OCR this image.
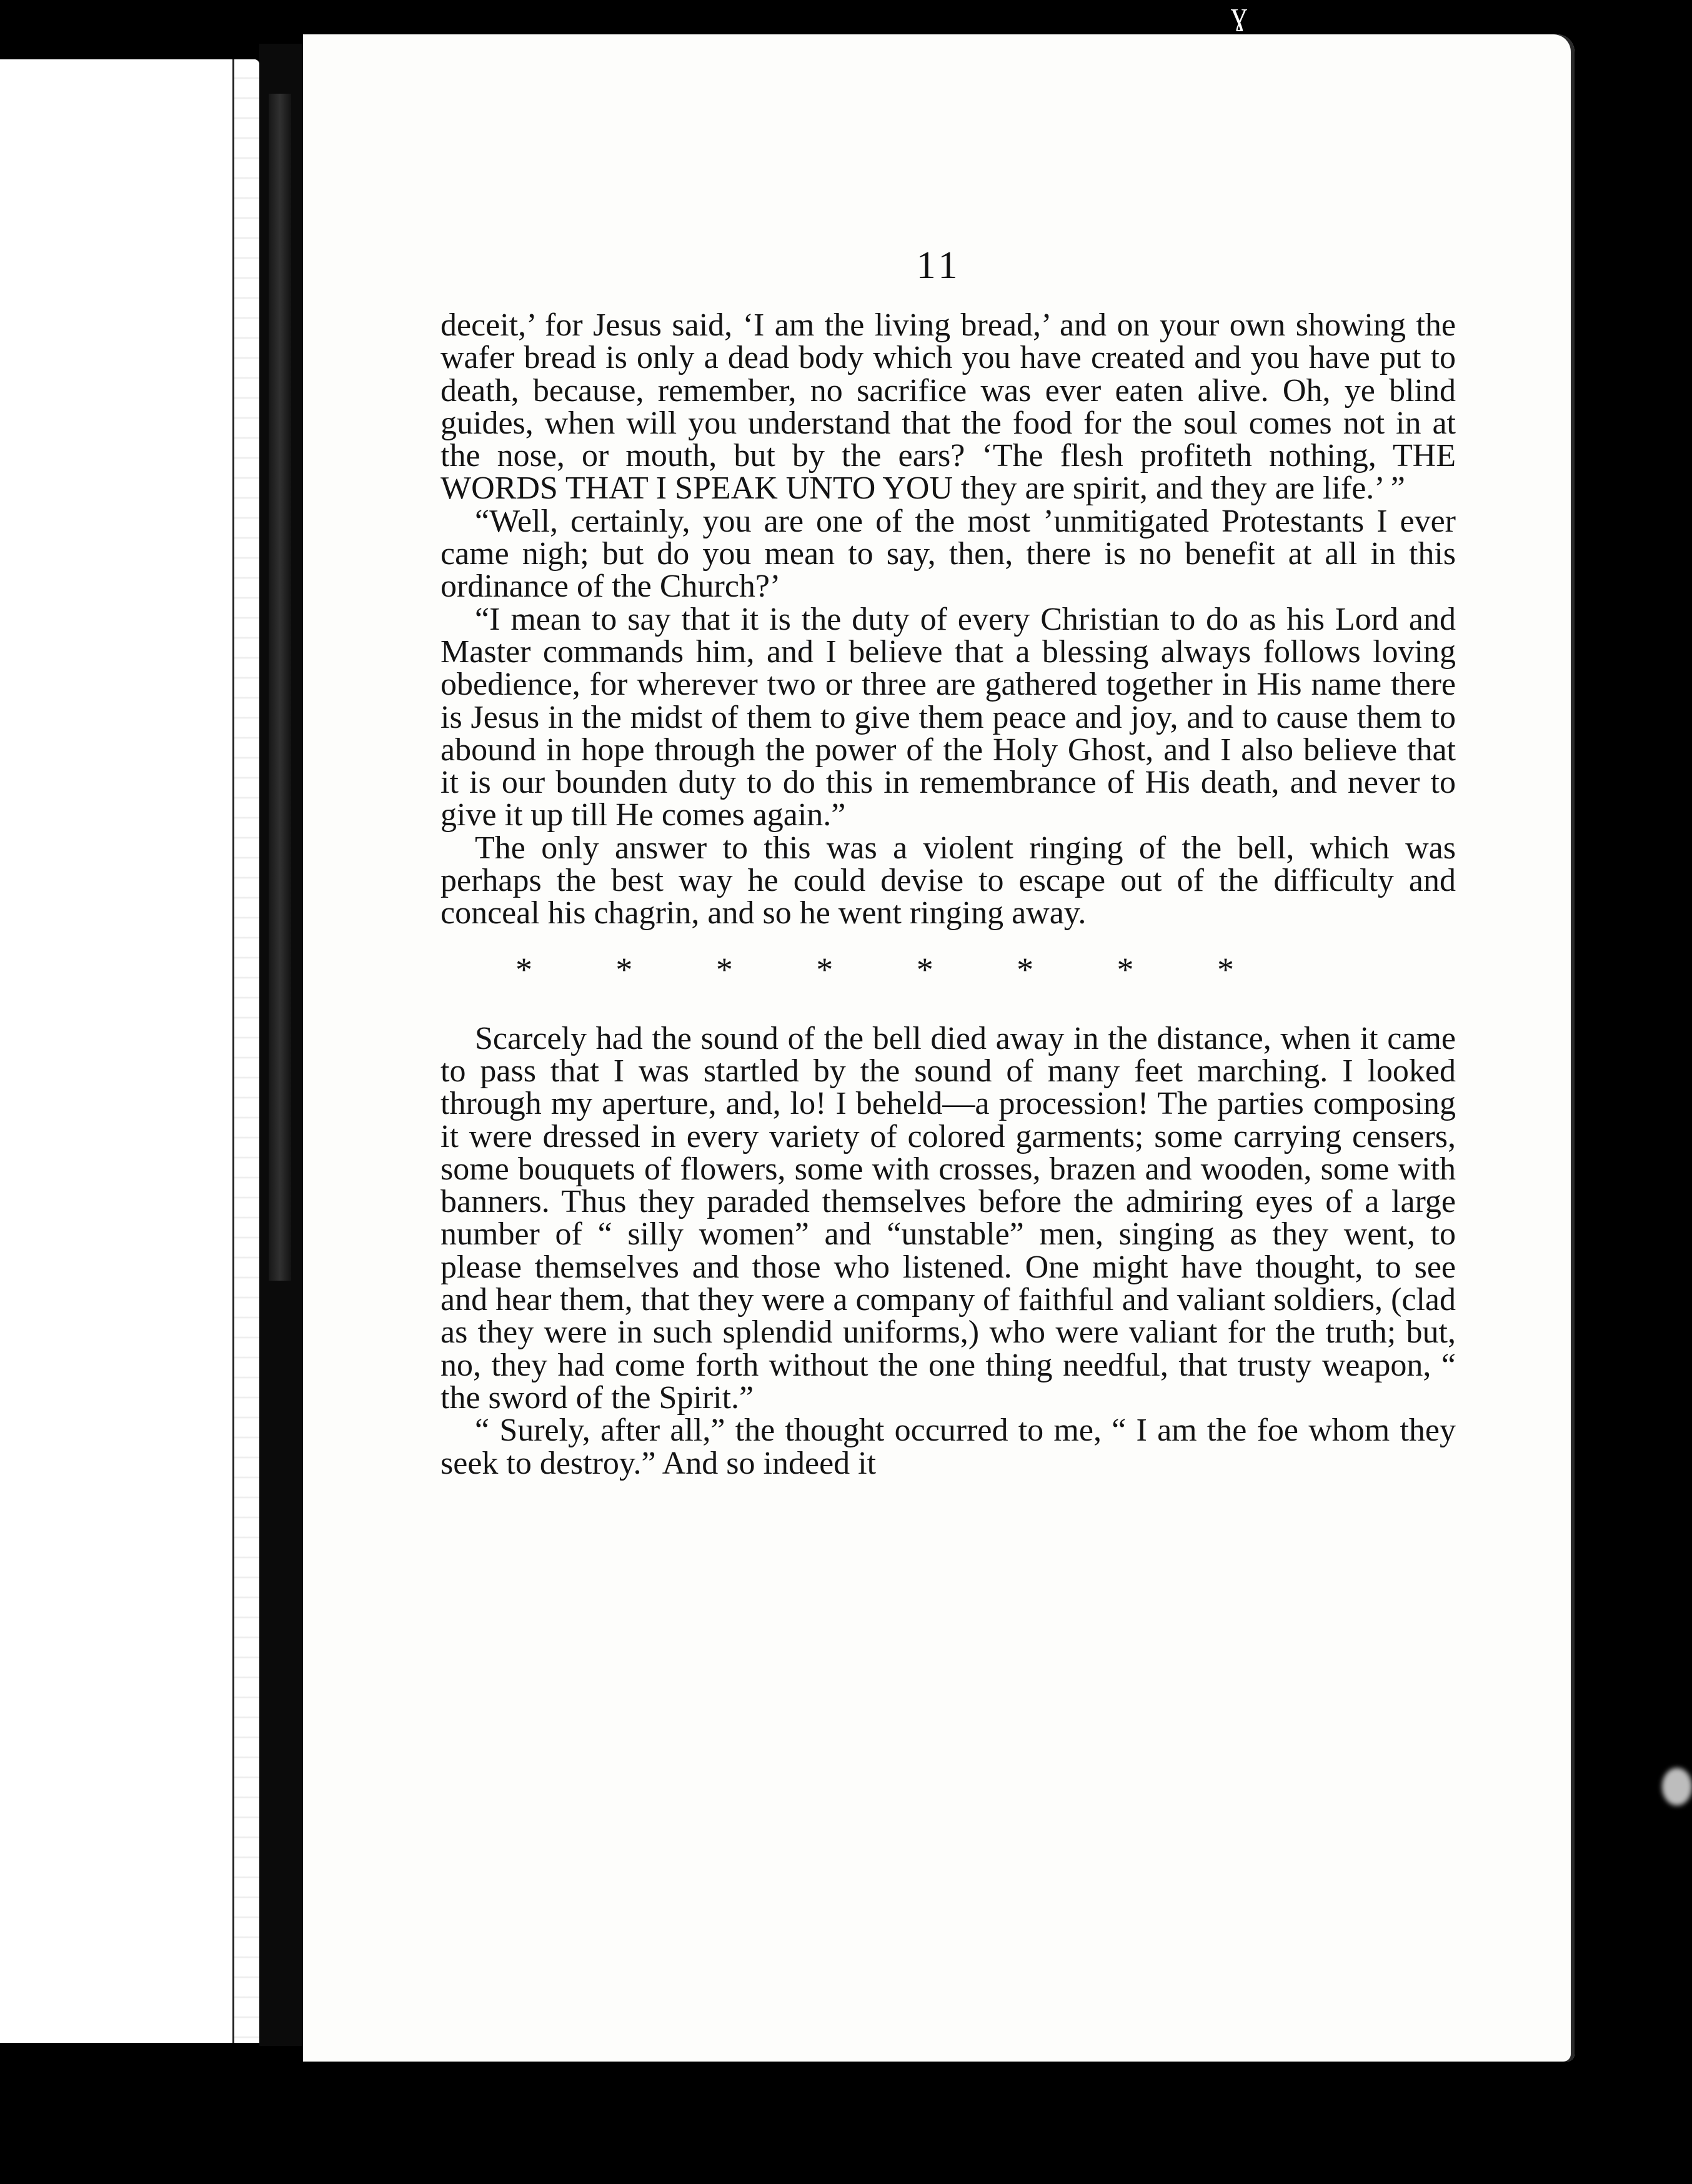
ɣ
11

deceit,’ for Jesus said, ‘I am the living bread,’ and on your own showing the wafer bread is only a dead body which you have created and you have put to death, because, remember, no sacrifice was ever eaten alive. Oh, ye blind guides, when will you understand that the food for the soul comes not in at the nose, or mouth, but by the ears? ‘The flesh profiteth nothing, THE WORDS THAT I SPEAK UNTO YOU they are spirit, and they are life.’ ”

“Well, certainly, you are one of the most ’unmitigated Protestants I ever came nigh; but do you mean to say, then, there is no benefit at all in this ordinance of the Church?’

“I mean to say that it is the duty of every Christian to do as his Lord and Master commands him, and I believe that a blessing always follows loving obedience, for wherever two or three are gathered together in His name there is Jesus in the midst of them to give them peace and joy, and to cause them to abound in hope through the power of the Holy Ghost, and I also believe that it is our bounden duty to do this in remembrance of His death, and never to give it up till He comes again.”

The only answer to this was a violent ringing of the bell, which was perhaps the best way he could devise to escape out of the difficulty and conceal his chagrin, and so he went ringing away.

* * * * * * * *

Scarcely had the sound of the bell died away in the distance, when it came to pass that I was startled by the sound of many feet marching. I looked through my aperture, and, lo! I beheld—a procession! The parties composing it were dressed in every variety of colored garments; some carrying censers, some bouquets of flowers, some with crosses, brazen and wooden, some with banners. Thus they paraded themselves before the admiring eyes of a large number of “ silly women” and “unstable” men, singing as they went, to please themselves and those who listened. One might have thought, to see and hear them, that they were a company of faithful and valiant soldiers, (clad as they were in such splendid uniforms,) who were valiant for the truth; but, no, they had come forth without the one thing needful, that trusty weapon, “ the sword of the Spirit.”

“ Surely, after all,” the thought occurred to me, “ I am the foe whom they seek to destroy.” And so indeed it
